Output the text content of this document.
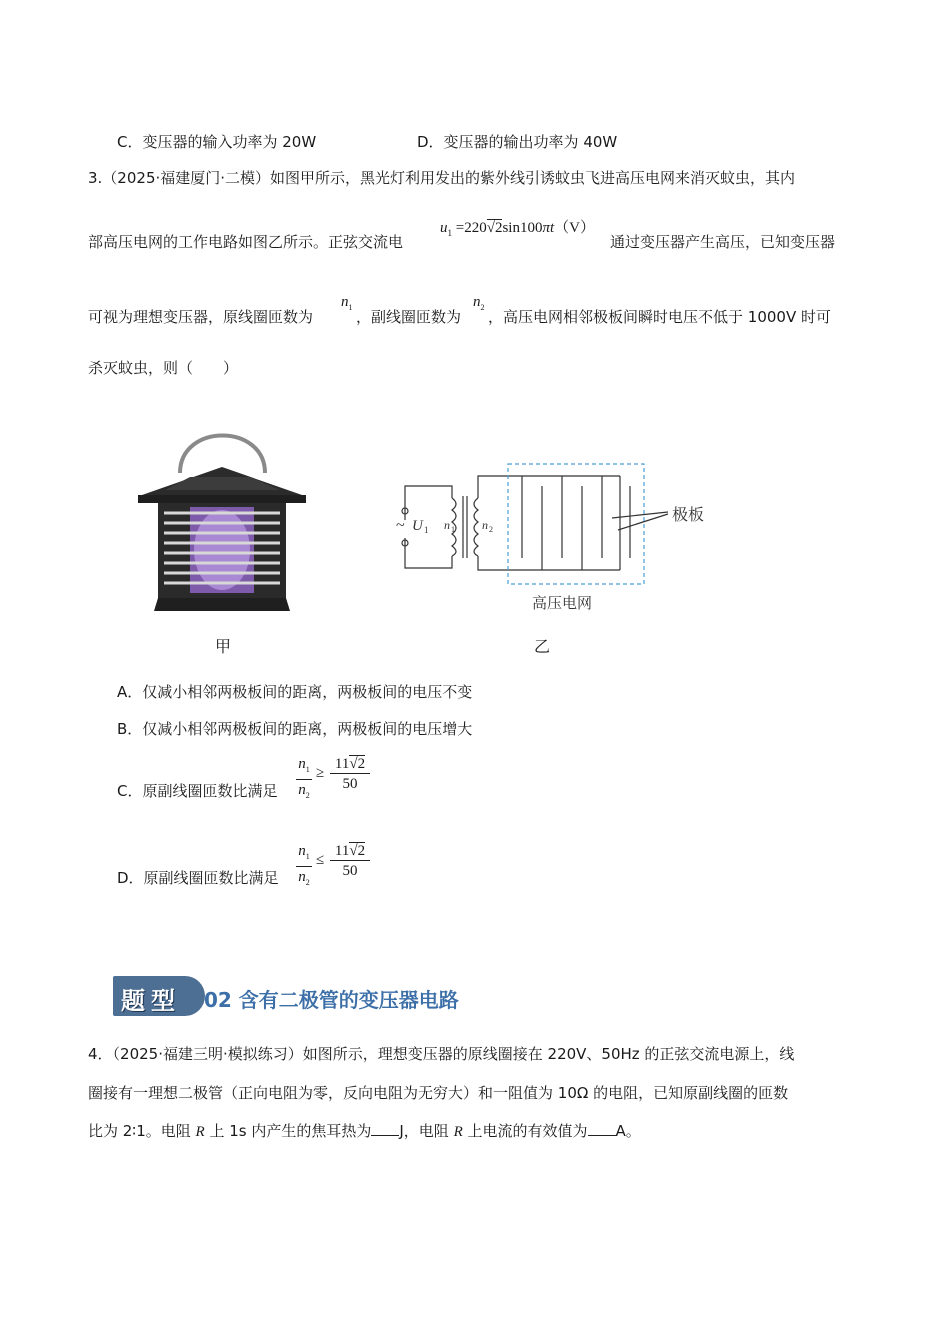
C．变压器的输入功率为 20W	D．变压器的输出功率为 40W
3.（2025·福建厦门·二模）如图甲所示，黑光灯利用发出的紫外线引诱蚊虫飞进高压电网来消灭蚊虫，其内
部高压电网的工作电路如图乙所示。正弦交流电
$u_1 =220√2\sin 100\pi t(V)$
通过变压器产生高压，已知变压器
可视为理想变压器，原线圈匝数为
$n_1$
，副线圈匝数为
$n_2$
，高压电网相邻极板间瞬时电压不低于 1000V 时可
杀灭蚊虫，则（　　）
甲
~ U 1 n 1 n 2
极板
高压电网
乙
A．仅减小相邻两极板间的距离，两极板间的电压不变
B．仅减小相邻两极板间的距离，两极板间的电压增大
C．原副线圈匝数比满足
$n_1$
$n_2$
≥
11√2
50
D．原副线圈匝数比满足
$n_1$
$n_2$
≤
11√2
50
题型 02 含有二极管的变压器电路
4．（2025·福建三明·模拟练习）如图所示，理想变压器的原线圈接在 220V、50Hz 的正弦交流电源上，线
圈接有一理想二极管（正向电阻为零，反向电阻为无穷大）和一阻值为 10Ω 的电阻，已知原副线圈的匝数
比为 2∶1。电阻 R 上 1s 内产生的焦耳热为 J，电阻 R 上电流的有效值为 A。
